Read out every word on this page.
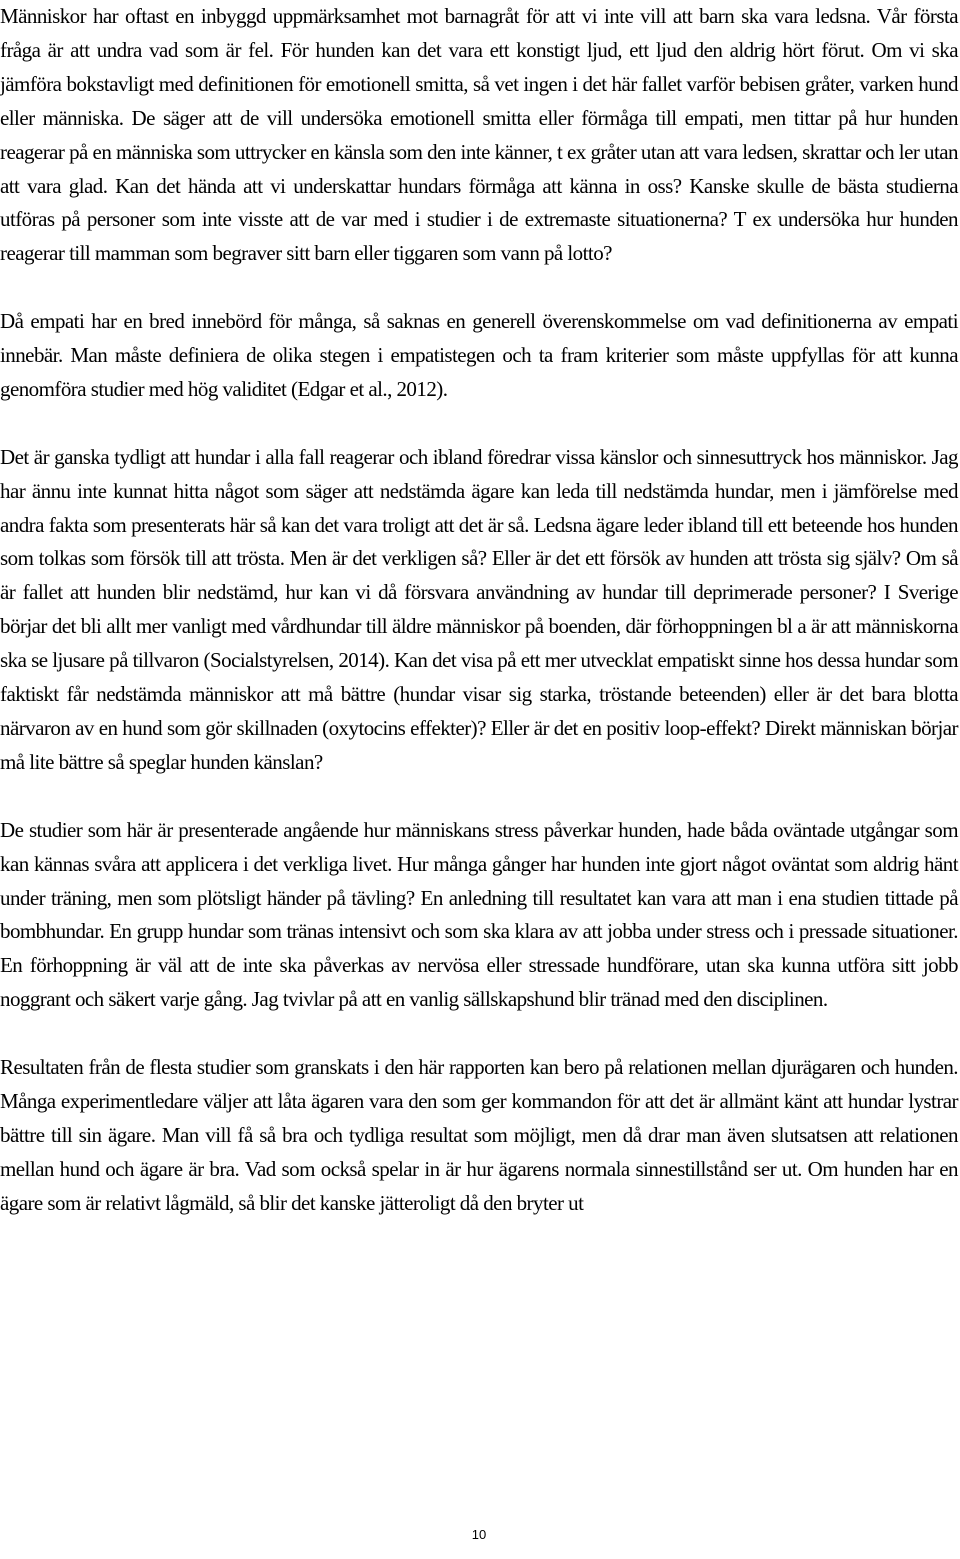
Människor har oftast en inbyggd uppmärksamhet mot barnagråt för att vi inte vill att barn ska vara ledsna. Vår första fråga är att undra vad som är fel. För hunden kan det vara ett konstigt ljud, ett ljud den aldrig hört förut. Om vi ska jämföra bokstavligt med definitionen för emotionell smitta, så vet ingen i det här fallet varför bebisen gråter, varken hund eller människa. De säger att de vill undersöka emotionell smitta eller förmåga till empati, men tittar på hur hunden reagerar på en människa som uttrycker en känsla som den inte känner, t ex gråter utan att vara ledsen, skrattar och ler utan att vara glad. Kan det hända att vi underskattar hundars förmåga att känna in oss? Kanske skulle de bästa studierna utföras på personer som inte visste att de var med i studier i de extremaste situationerna? T ex undersöka hur hunden reagerar till mamman som begraver sitt barn eller tiggaren som vann på lotto?

Då empati har en bred innebörd för många, så saknas en generell överenskommelse om vad definitionerna av empati innebär. Man måste definiera de olika stegen i empatistegen och ta fram kriterier som måste uppfyllas för att kunna genomföra studier med hög validitet (Edgar et al., 2012).

Det är ganska tydligt att hundar i alla fall reagerar och ibland föredrar vissa känslor och sinnesuttryck hos människor. Jag har ännu inte kunnat hitta något som säger att nedstämda ägare kan leda till nedstämda hundar, men i jämförelse med andra fakta som presenterats här så kan det vara troligt att det är så. Ledsna ägare leder ibland till ett beteende hos hunden som tolkas som försök till att trösta. Men är det verkligen så? Eller är det ett försök av hunden att trösta sig själv? Om så är fallet att hunden blir nedstämd, hur kan vi då försvara användning av hundar till deprimerade personer? I Sverige börjar det bli allt mer vanligt med vårdhundar till äldre människor på boenden, där förhoppningen bl a är att människorna ska se ljusare på tillvaron (Socialstyrelsen, 2014). Kan det visa på ett mer utvecklat empatiskt sinne hos dessa hundar som faktiskt får nedstämda människor att må bättre (hundar visar sig starka, tröstande beteenden) eller är det bara blotta närvaron av en hund som gör skillnaden (oxytocins effekter)? Eller är det en positiv loop-effekt? Direkt människan börjar må lite bättre så speglar hunden känslan?

De studier som här är presenterade angående hur människans stress påverkar hunden, hade båda oväntade utgångar som kan kännas svåra att applicera i det verkliga livet. Hur många gånger har hunden inte gjort något oväntat som aldrig hänt under träning, men som plötsligt händer på tävling? En anledning till resultatet kan vara att man i ena studien tittade på bombhundar. En grupp hundar som tränas intensivt och som ska klara av att jobba under stress och i pressade situationer. En förhoppning är väl att de inte ska påverkas av nervösa eller stressade hundförare, utan ska kunna utföra sitt jobb noggrant och säkert varje gång. Jag tvivlar på att en vanlig sällskapshund blir tränad med den disciplinen.

Resultaten från de flesta studier som granskats i den här rapporten kan bero på relationen mellan djurägaren och hunden. Många experimentledare väljer att låta ägaren vara den som ger kommandon för att det är allmänt känt att hundar lystrar bättre till sin ägare. Man vill få så bra och tydliga resultat som möjligt, men då drar man även slutsatsen att relationen mellan hund och ägare är bra. Vad som också spelar in är hur ägarens normala sinnestillstånd ser ut. Om hunden har en ägare som är relativt lågmäld, så blir det kanske jätteroligt då den bryter ut

10
